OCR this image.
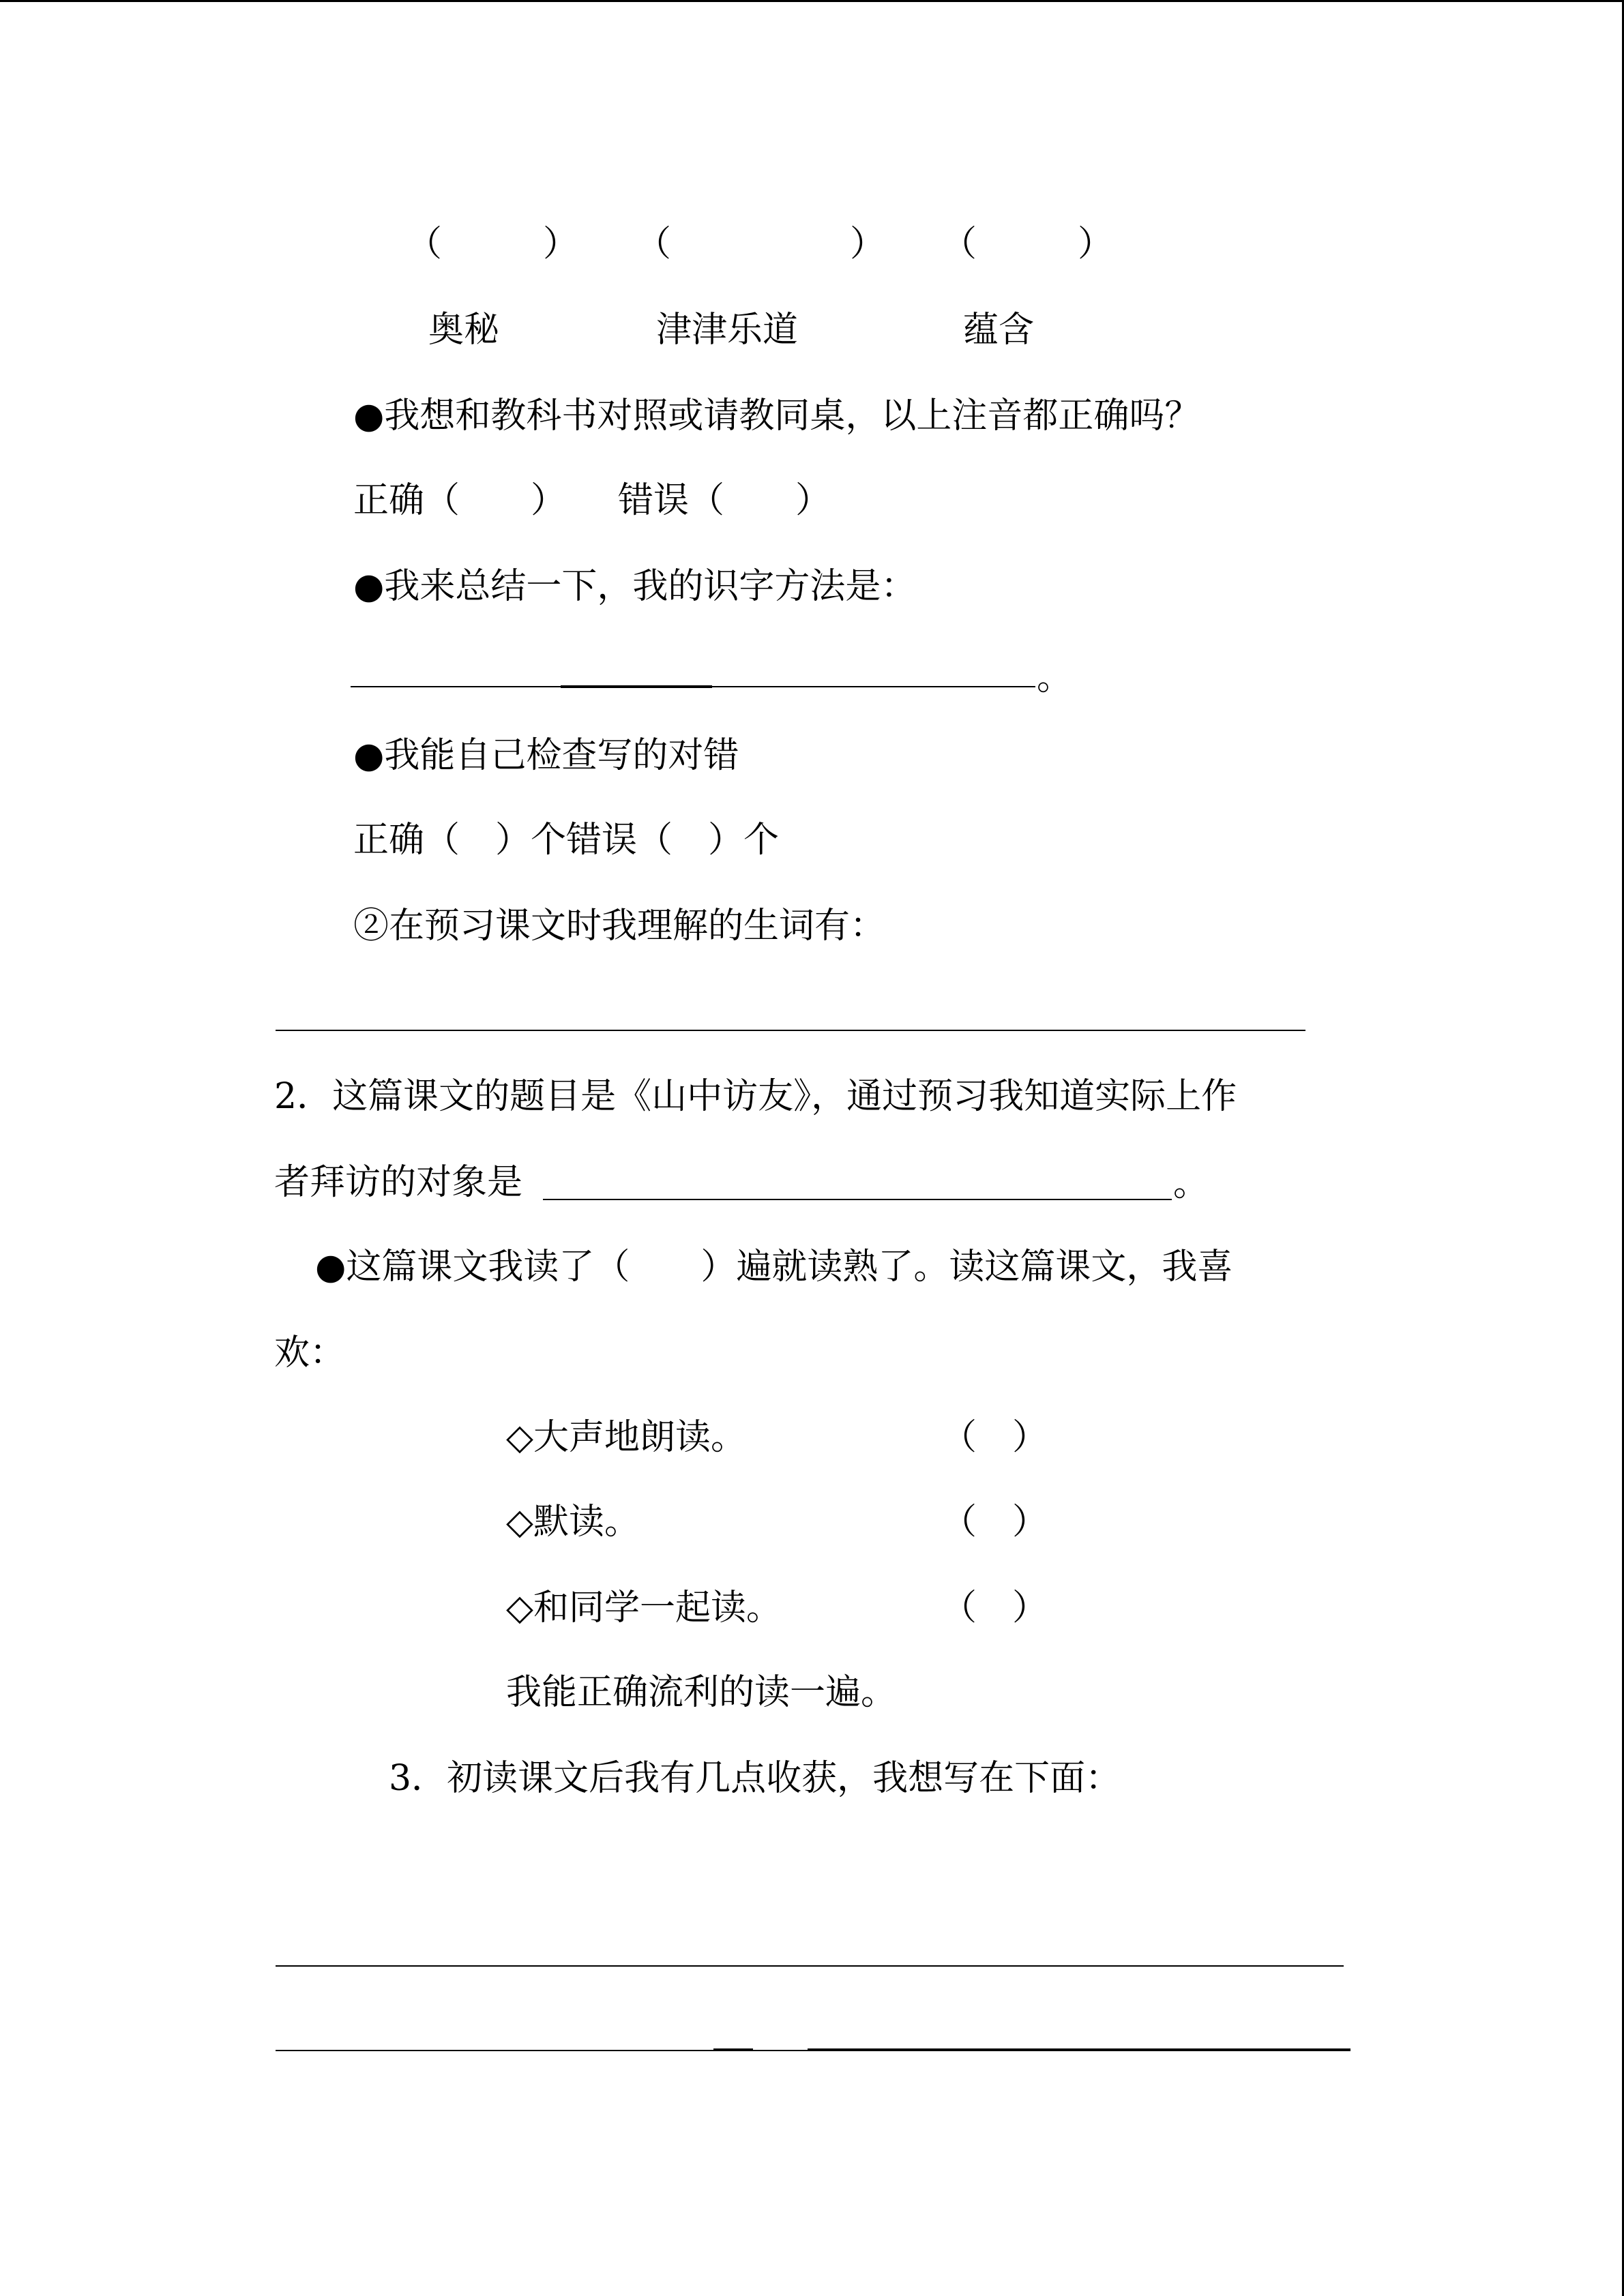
（	） （	） （	）

奥秘	津津乐道	蕴含

●我想和教科书对照或请教同桌，以上注音都正确吗？

正确（　　） 错误（　　）

●我来总结一下，我的识字方法是：

。

●我能自己检查写的对错

正确（　）个错误（　）个

②在预习课文时我理解的生词有：

2．这篇课文的题目是《山中访友》，通过预习我知道实际上作

者拜访的对象是	。

●这篇课文我读了（　　）遍就读熟了。读这篇课文，我喜

欢：

◇大声地朗读。	（　）

◇默读。	（　）

◇和同学一起读。	（　）

我能正确流利的读一遍。

3．初读课文后我有几点收获，我想写在下面：
